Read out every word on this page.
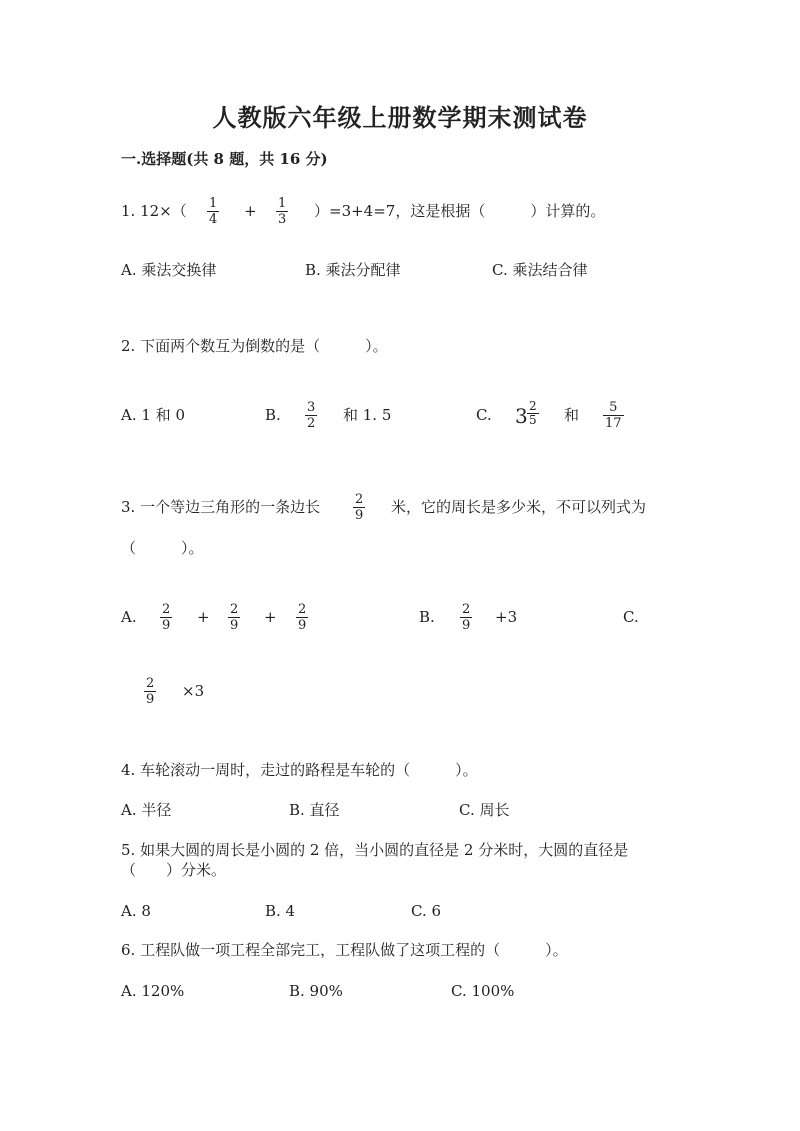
人教版六年级上册数学期末测试卷
一.选择题(共 8 题，共 16 分)
1. 12×（ 1
4 + 1
3 ）=3+4=7，这是根据（　　　）计算的。
A. 乘法交换律	B. 乘法分配律	C. 乘法结合律
2. 下面两个数互为倒数的是（　　　）。
A. 1 和 0	B. 3
2 和 1. 5	C. 3 2
5 和 5
17
3. 一个等边三角形的一条边长	2
9 米，它的周长是多少米，不可以列式为
（　　　）。
A. 2
9 + 2
9 + 2
9	B. 2
9 +3	C.
2
9 ×3
4. 车轮滚动一周时，走过的路程是车轮的（　　　）。
A. 半径	B. 直径	C. 周长
5. 如果大圆的周长是小圆的 2 倍，当小圆的直径是 2 分米时，大圆的直径是
（　　）分米。
A. 8	B. 4	C. 6
6. 工程队做一项工程全部完工，工程队做了这项工程的（　　　）。
A. 120%	B. 90%	C. 100%
